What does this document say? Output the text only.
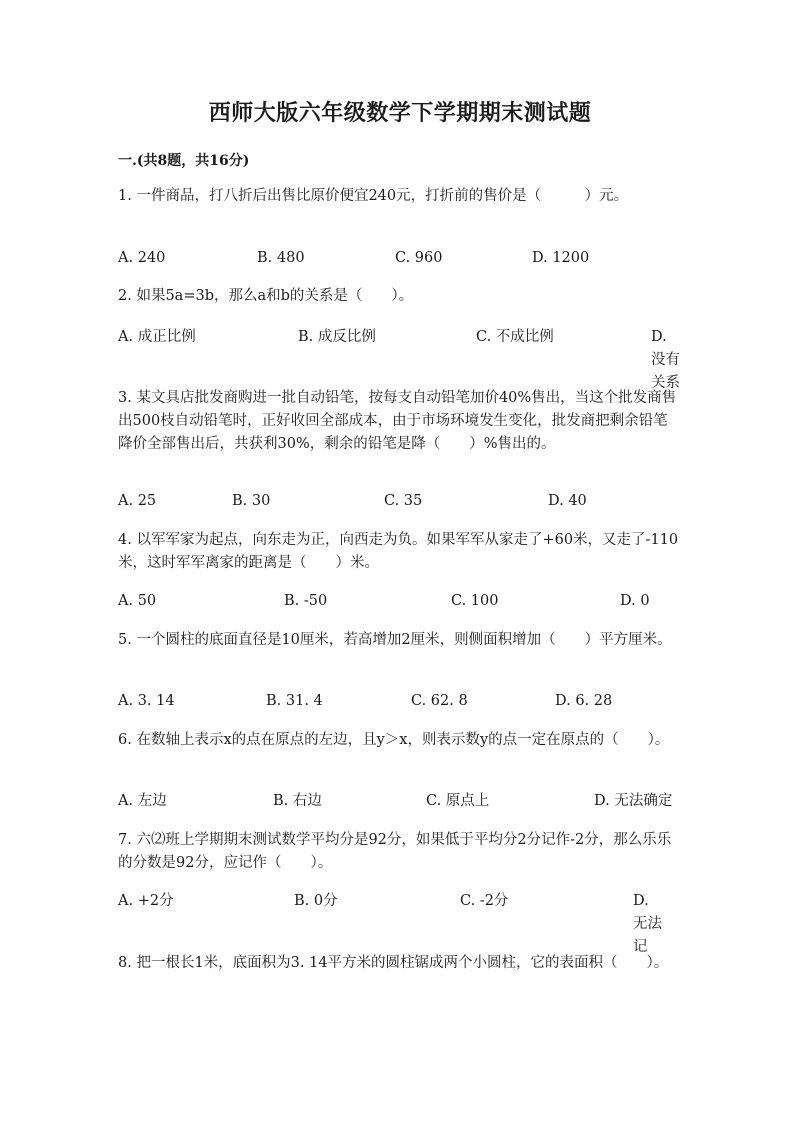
西师大版六年级数学下学期期末测试题
一.(共8题，共16分)
1. 一件商品，打八折后出售比原价便宜240元，打折前的售价是（　　　）元。
A. 240	B. 480	C. 960	D. 1200
2. 如果5a=3b，那么a和b的关系是（　　）。
A. 成正比例	B. 成反比例	C. 不成比例	D. 没有关系
3. 某文具店批发商购进一批自动铅笔，按每支自动铅笔加价40%售出，当这个批发商售出500枝自动铅笔时，正好收回全部成本，由于市场环境发生变化，批发商把剩余铅笔降价全部售出后，共获利30%，剩余的铅笔是降（　　）%售出的。
A. 25	B. 30	C. 35	D. 40
4. 以军军家为起点，向东走为正，向西走为负。如果军军从家走了+60米，又走了-110米，这时军军离家的距离是（　　）米。
A. 50	B. -50	C. 100	D. 0
5. 一个圆柱的底面直径是10厘米，若高增加2厘米，则侧面积增加（　　）平方厘米。
A. 3. 14	B. 31. 4	C. 62. 8	D. 6. 28
6. 在数轴上表示x的点在原点的左边，且y＞x，则表示数y的点一定在原点的（　　）。
A. 左边	B. 右边	C. 原点上	D. 无法确定
7. 六⑵班上学期期末测试数学平均分是92分，如果低于平均分2分记作-2分，那么乐乐的分数是92分，应记作（　　）。
A. +2分	B. 0分	C. -2分	D. 无法记
8. 把一根长1米，底面积为3. 14平方米的圆柱锯成两个小圆柱，它的表面积（　　）。
